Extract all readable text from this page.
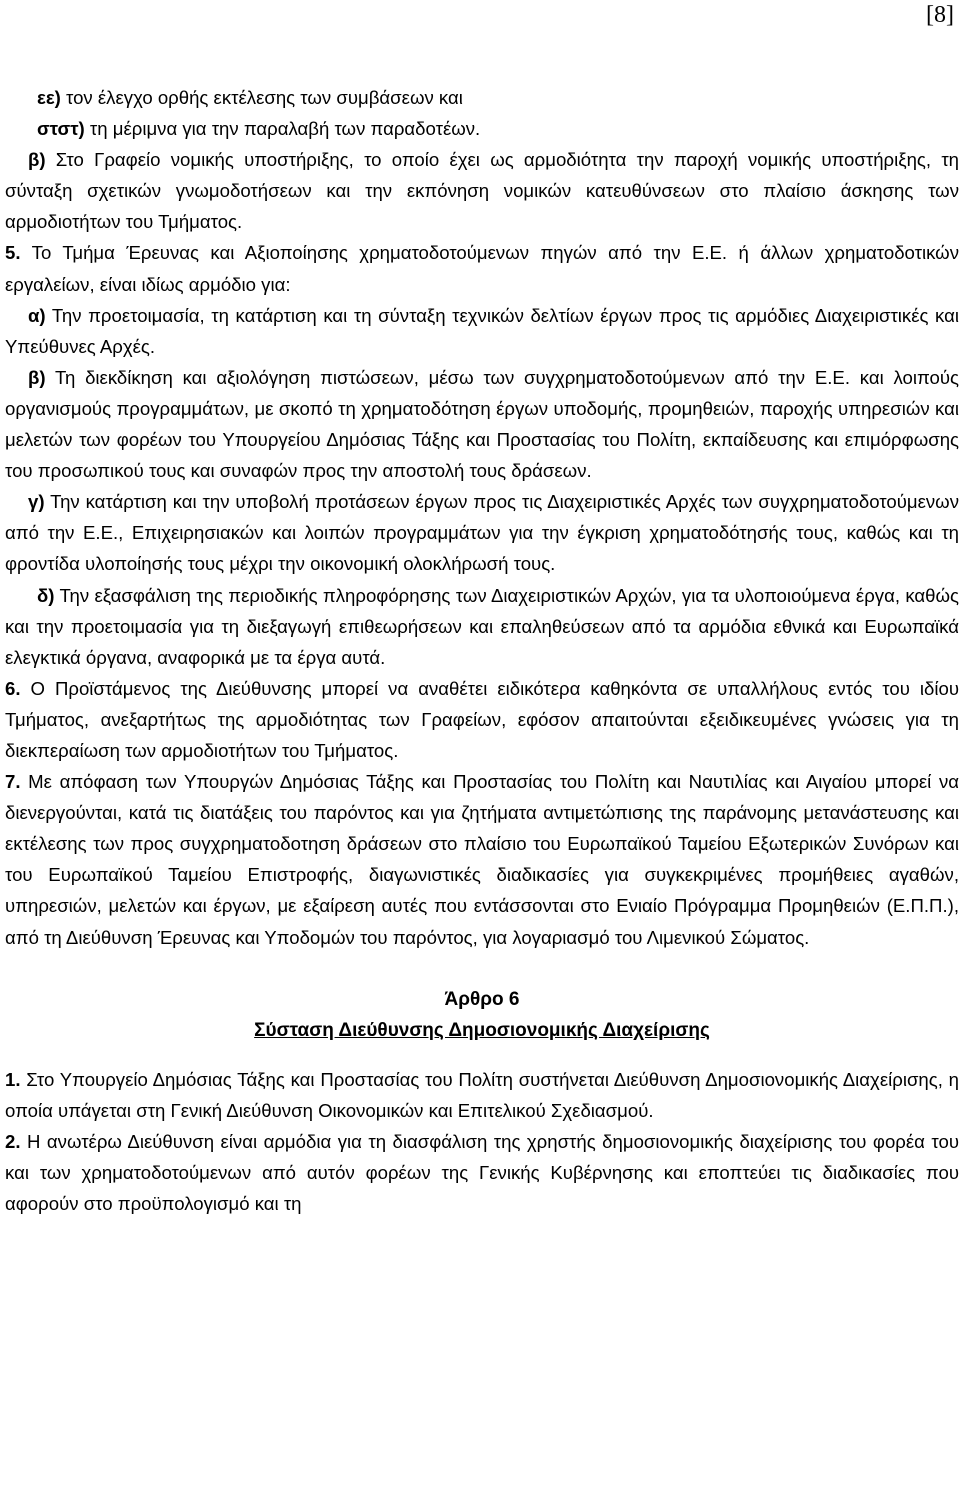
[8]

εε) τον έλεγχο ορθής εκτέλεσης των συμβάσεων και

στστ) τη μέριμνα για την παραλαβή των παραδοτέων.

β) Στο Γραφείο νομικής υποστήριξης, το οποίο έχει ως αρμοδιότητα την παροχή νομικής υποστήριξης, τη σύνταξη σχετικών γνωμοδοτήσεων και την εκπόνηση νομικών κατευθύνσεων στο πλαίσιο άσκησης των αρμοδιοτήτων του Τμήματος.

5. Το Τμήμα Έρευνας και Αξιοποίησης χρηματοδοτούμενων πηγών από την Ε.Ε. ή άλλων χρηματοδοτικών εργαλείων, είναι ιδίως αρμόδιο για:

α) Την προετοιμασία, τη κατάρτιση και τη σύνταξη τεχνικών δελτίων έργων προς τις αρμόδιες Διαχειριστικές και Υπεύθυνες Αρχές.

β) Τη διεκδίκηση και αξιολόγηση πιστώσεων, μέσω των συγχρηματοδοτούμενων από την Ε.Ε. και λοιπούς οργανισμούς προγραμμάτων, με σκοπό τη χρηματοδότηση έργων υποδομής, προμηθειών, παροχής υπηρεσιών και μελετών των φορέων του Υπουργείου Δημόσιας Τάξης και Προστασίας του Πολίτη, εκπαίδευσης και επιμόρφωσης του προσωπικού τους και συναφών προς την αποστολή τους δράσεων.

γ) Την κατάρτιση και την υποβολή προτάσεων έργων προς τις Διαχειριστικές Αρχές των συγχρηματοδοτούμενων από την Ε.Ε., Επιχειρησιακών και λοιπών προγραμμάτων για την έγκριση χρηματοδότησής τους, καθώς και τη φροντίδα υλοποίησής τους μέχρι την οικονομική ολοκλήρωσή τους.

δ) Την εξασφάλιση της περιοδικής πληροφόρησης των Διαχειριστικών Αρχών, για τα υλοποιούμενα έργα, καθώς και την προετοιμασία για τη διεξαγωγή επιθεωρήσεων και επαληθεύσεων από τα αρμόδια εθνικά και Ευρωπαϊκά ελεγκτικά όργανα, αναφορικά με τα έργα αυτά.

6. Ο Προϊστάμενος της Διεύθυνσης μπορεί να αναθέτει ειδικότερα καθηκόντα σε υπαλλήλους εντός του ιδίου Τμήματος, ανεξαρτήτως της αρμοδιότητας των Γραφείων, εφόσον απαιτούνται εξειδικευμένες γνώσεις για τη διεκπεραίωση των αρμοδιοτήτων του Τμήματος.

7. Με απόφαση των Υπουργών Δημόσιας Τάξης και Προστασίας του Πολίτη και Ναυτιλίας και Αιγαίου μπορεί να διενεργούνται, κατά τις διατάξεις του παρόντος και για ζητήματα αντιμετώπισης της παράνομης μετανάστευσης και εκτέλεσης των προς συγχρηματοδοτηση δράσεων στο πλαίσιο του Ευρωπαϊκού Ταμείου Εξωτερικών Συνόρων και του Ευρωπαϊκού Ταμείου Επιστροφής, διαγωνιστικές διαδικασίες για συγκεκριμένες προμήθειες αγαθών, υπηρεσιών, μελετών και έργων, με εξαίρεση αυτές που εντάσσονται στο Ενιαίο Πρόγραμμα Προμηθειών (Ε.Π.Π.), από τη Διεύθυνση Έρευνας και Υποδομών του παρόντος, για λογαριασμό του Λιμενικού Σώματος.

Άρθρο 6

Σύσταση Διεύθυνσης Δημοσιονομικής Διαχείρισης

1. Στο Υπουργείο Δημόσιας Τάξης και Προστασίας του Πολίτη συστήνεται Διεύθυνση Δημοσιονομικής Διαχείρισης, η οποία υπάγεται στη Γενική Διεύθυνση Οικονομικών και Επιτελικού Σχεδιασμού.

2. Η ανωτέρω Διεύθυνση είναι αρμόδια για τη διασφάλιση της χρηστής δημοσιονομικής διαχείρισης του φορέα του και των χρηματοδοτούμενων από αυτόν φορέων της Γενικής Κυβέρνησης και εποπτεύει τις διαδικασίες που αφορούν στο προϋπολογισμό και τη
